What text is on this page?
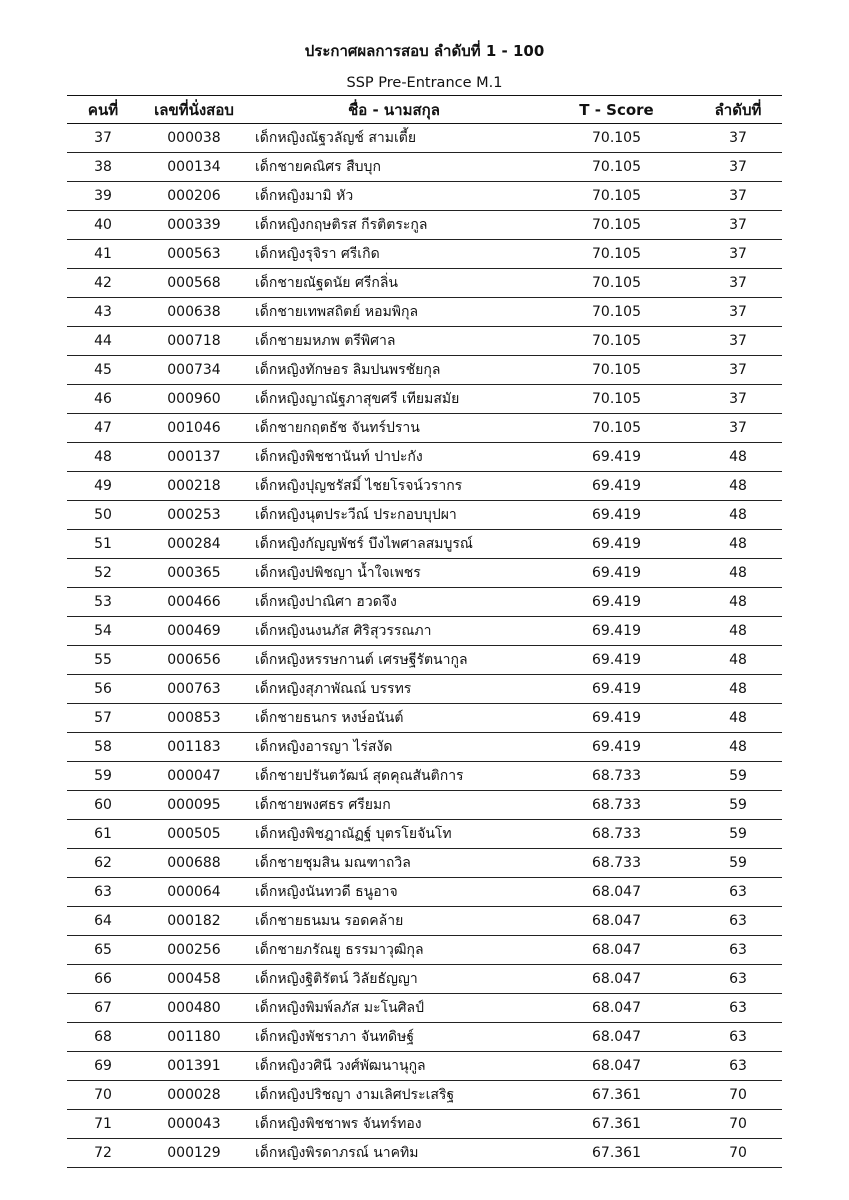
ประกาศผลการสอบ ลำดับที่ 1 - 100
SSP Pre-Entrance M.1
คนที่	เลขที่นั่งสอบ	ชื่อ - นามสกุล	T - Score	ลำดับที่
37	000038	เด็กหญิงณัฐวลัญช์ สามเตี้ย	70.105	37
38	000134	เด็กชายคณิศร สืบบุก	70.105	37
39	000206	เด็กหญิงมามิ หัว	70.105	37
40	000339	เด็กหญิงกฤษติรส กีรติตระกูล	70.105	37
41	000563	เด็กหญิงรุจิรา ศรีเกิด	70.105	37
42	000568	เด็กชายณัฐดนัย ศรีกลิ่น	70.105	37
43	000638	เด็กชายเทพสถิตย์ หอมพิกุล	70.105	37
44	000718	เด็กชายมหภพ ตรีพิศาล	70.105	37
45	000734	เด็กหญิงทักษอร ลิมปนพรชัยกุล	70.105	37
46	000960	เด็กหญิงญาณัฐภาสุขศรี เทียมสมัย	70.105	37
47	001046	เด็กชายกฤตธัช จันทร์ปราน	70.105	37
48	000137	เด็กหญิงพิชชานันท์ ปาปะกัง	69.419	48
49	000218	เด็กหญิงปุญชรัสมิ์ ไชยโรจน์วรากร	69.419	48
50	000253	เด็กหญิงนุตประวีณ์ ประกอบบุปผา	69.419	48
51	000284	เด็กหญิงกัญญพัชร์ บึงไพศาลสมบูรณ์	69.419	48
52	000365	เด็กหญิงปพิชญา น้ำใจเพชร	69.419	48
53	000466	เด็กหญิงปาณิศา ฮวดจึง	69.419	48
54	000469	เด็กหญิงนงนภัส ศิริสุวรรณภา	69.419	48
55	000656	เด็กหญิงหรรษกานต์ เศรษฐีรัตนากูล	69.419	48
56	000763	เด็กหญิงสุภาพัณณ์ บรรทร	69.419	48
57	000853	เด็กชายธนกร หงษ์อนันต์	69.419	48
58	001183	เด็กหญิงอารญา ไร่สงัด	69.419	48
59	000047	เด็กชายปรันตวัฒน์ สุดคุณสันติการ	68.733	59
60	000095	เด็กชายพงศธร ศรียมก	68.733	59
61	000505	เด็กหญิงพิชฎาณัฏฐ์ บุตรโยจันโท	68.733	59
62	000688	เด็กชายชุมสิน มณฑาถวิล	68.733	59
63	000064	เด็กหญิงนันทวดี ธนูอาจ	68.047	63
64	000182	เด็กชายธนมน รอดคล้าย	68.047	63
65	000256	เด็กชายภรัณยู ธรรมาวุฒิกุล	68.047	63
66	000458	เด็กหญิงฐิติรัตน์ วิลัยธัญญา	68.047	63
67	000480	เด็กหญิงพิมพ์ลภัส มะโนศิลป์	68.047	63
68	001180	เด็กหญิงพัชราภา จันทดิษฐ์	68.047	63
69	001391	เด็กหญิงวศินี วงศ์พัฒนานุกูล	68.047	63
70	000028	เด็กหญิงปริชญา งามเลิศประเสริฐ	67.361	70
71	000043	เด็กหญิงพิชชาพร จันทร์ทอง	67.361	70
72	000129	เด็กหญิงพิรดาภรณ์ นาคทิม	67.361	70
